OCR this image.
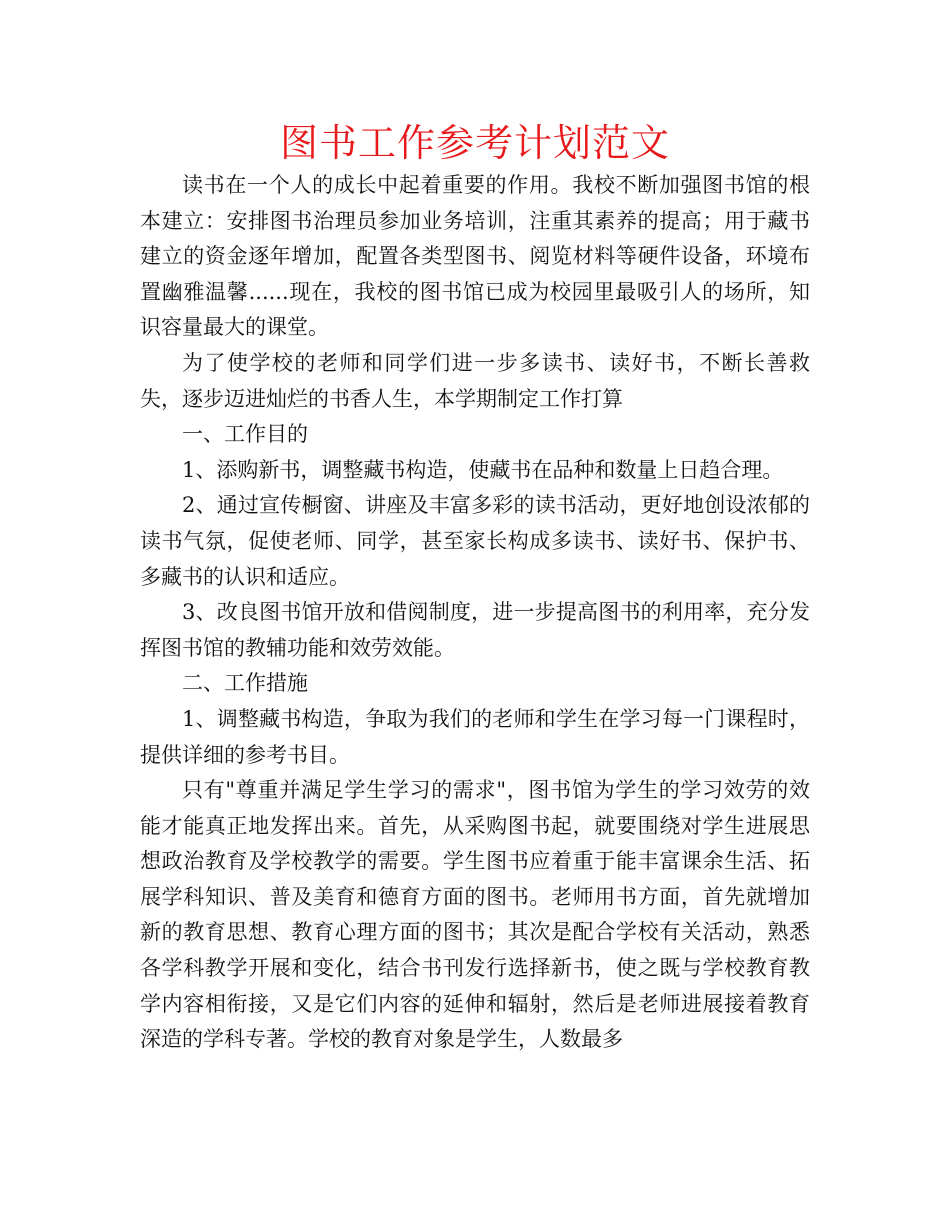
图书工作参考计划范文

读书在一个人的成长中起着重要的作用。我校不断加强图书馆的根本建立：安排图书治理员参加业务培训，注重其素养的提高；用于藏书建立的资金逐年增加，配置各类型图书、阅览材料等硬件设备，环境布置幽雅温馨......现在，我校的图书馆已成为校园里最吸引人的场所，知识容量最大的课堂。

为了使学校的老师和同学们进一步多读书、读好书，不断长善救失，逐步迈进灿烂的书香人生，本学期制定工作打算

一、工作目的

1、添购新书，调整藏书构造，使藏书在品种和数量上日趋合理。

2、通过宣传橱窗、讲座及丰富多彩的读书活动，更好地创设浓郁的读书气氛，促使老师、同学，甚至家长构成多读书、读好书、保护书、多藏书的认识和适应。

3、改良图书馆开放和借阅制度，进一步提高图书的利用率，充分发挥图书馆的教辅功能和效劳效能。

二、工作措施

1、调整藏书构造，争取为我们的老师和学生在学习每一门课程时，提供详细的参考书目。

只有"尊重并满足学生学习的需求"，图书馆为学生的学习效劳的效能才能真正地发挥出来。首先，从采购图书起，就要围绕对学生进展思想政治教育及学校教学的需要。学生图书应着重于能丰富课余生活、拓展学科知识、普及美育和德育方面的图书。老师用书方面，首先就增加新的教育思想、教育心理方面的图书；其次是配合学校有关活动，熟悉各学科教学开展和变化，结合书刊发行选择新书，使之既与学校教育教学内容相衔接，又是它们内容的延伸和辐射，然后是老师进展接着教育深造的学科专著。学校的教育对象是学生，人数最多
